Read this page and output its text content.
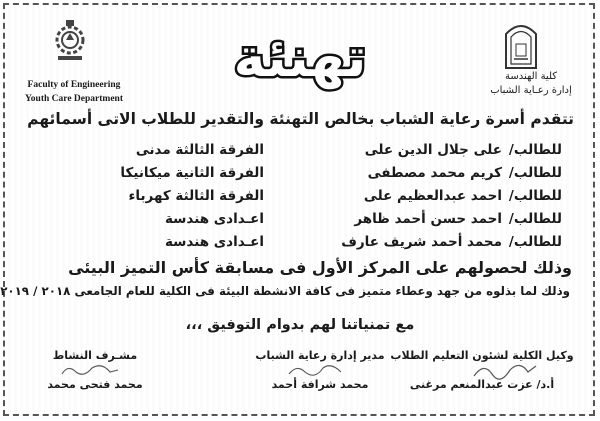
Faculty of Engineering
Youth Care Department
تهنئة	كلية الهندسة
إدارة رعـاية الشباب
تتقدم أسرة رعاية الشباب بخالص التهنئة والتقدير للطلاب الاتى أسمائهم
للطالب/
على جلال الدين على
الفرقة الثالثة مدنى
للطالب/
كريم محمد مصطفى
الفرقة الثانية ميكانيكا
للطالب/
احمد عبدالعظيم على
الفرقة الثالثة كهرباء
للطالب/
احمد حسن أحمد ظاهر
اعـدادى هندسة
للطالب/
محمد أحمد شريف عارف
اعـدادى هندسة
وذلك لحصولهم على المركز الأول فى مسابقة كأس التميز البيئى
وذلك لما بذلوه من جهد وعطاء متميز فى كافة الانشطة البيئة فى الكلية للعام الجامعى ٢٠١٨ / ٢٠١٩
مع تمنياتنا لهم بدوام التوفيق ،،،
وكيل الكلية لشئون التعليم الطلاب
أ.د/ عزت عبدالمنعم مرغنى
مدير إدارة رعاية الشباب
محمد شرافة أحمد
مشـرف النشاط
محمد فتحى محمد
